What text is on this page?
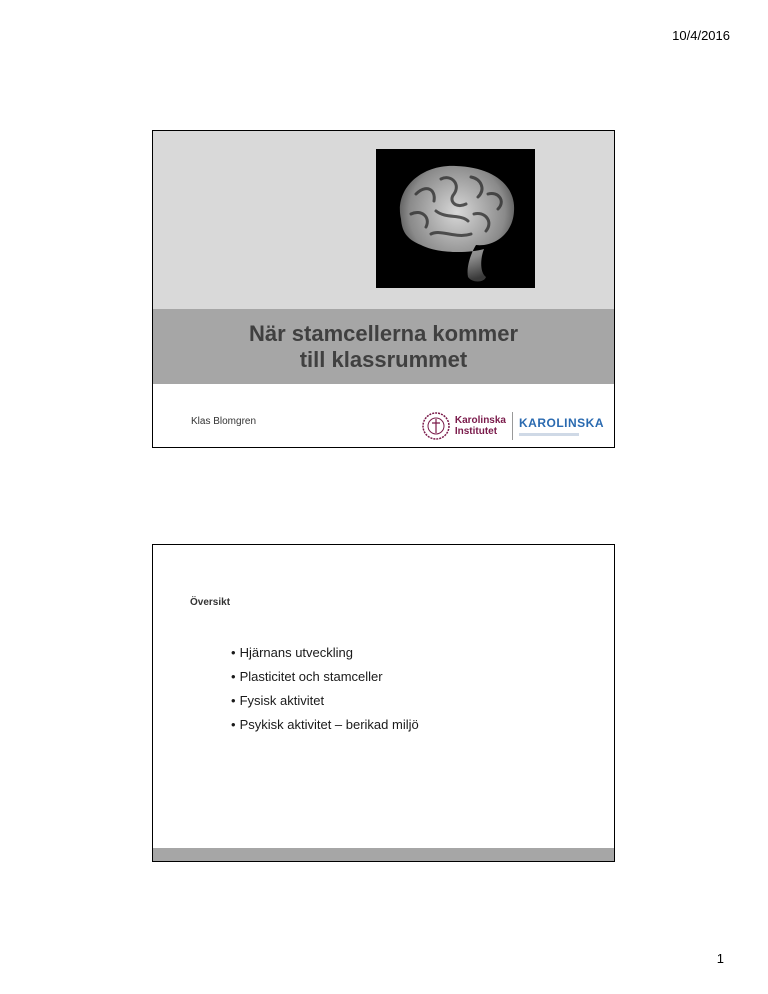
10/4/2016
När stamcellerna kommer
till klassrummet
Klas Blomgren	Karolinska
Institutet
KAROLINSKA
Översikt
• Hjärnans utveckling
• Plasticitet och stamceller
• Fysisk aktivitet
• Psykisk aktivitet – berikad miljö
1
